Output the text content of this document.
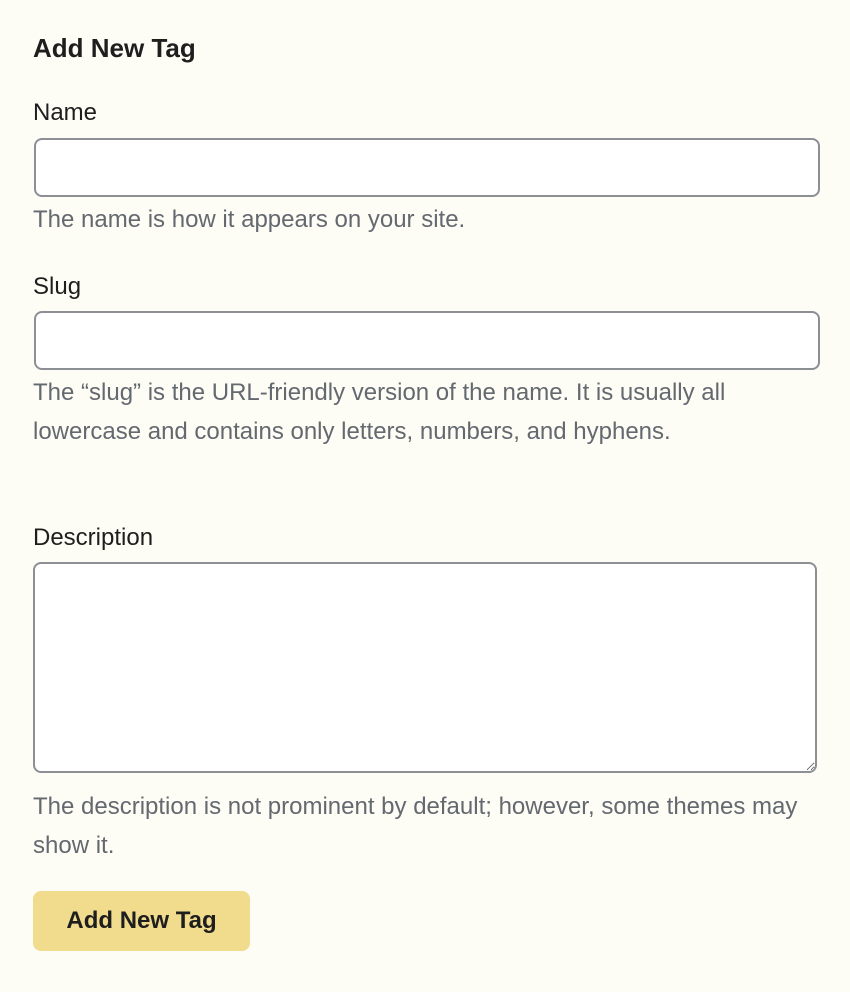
Add New Tag
Name

The name is how it appears on your site.

Slug

The “slug” is the URL-friendly version of the name. It is usually all lowercase and contains only letters, numbers, and hyphens.

Description

The description is not prominent by default; however, some themes may show it.

Add New Tag
